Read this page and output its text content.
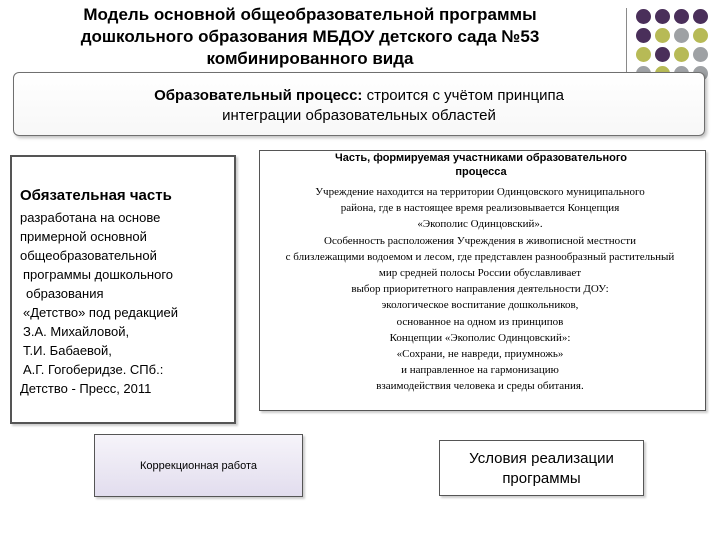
Модель основной общеобразовательной программы
дошкольного образования МБДОУ детского сада №53
комбинированного вида
Образовательный процесс: строится с учётом принципа
интеграции образовательных областей
Обязательная часть
разработана на основе
примерной основной
общеобразовательной
программы дошкольного
образования
«Детство» под редакцией
З.А. Михайловой,
Т.И. Бабаевой,
А.Г. Гогоберидзе. СПб.:
Детство - Пресс, 2011
Часть, формируемая участниками образовательного
процесса
Учреждение находится на территории Одинцовского муниципального
района, где в настоящее время реализовывается Концепция
«Экополис Одинцовский».
Особенность расположения Учреждения в живописной местности
с близлежащими водоемом и лесом, где представлен разнообразный растительный
мир средней полосы России обуславливает
выбор приоритетного направления деятельности ДОУ:
экологическое воспитание дошкольников,
основанное на одном из принципов
Концепции «Экополис Одинцовский»:
«Сохрани, не навреди, приумножь»
и направленное на гармонизацию
взаимодействия человека и среды обитания.
Коррекционная работа	Условия реализации
программы
